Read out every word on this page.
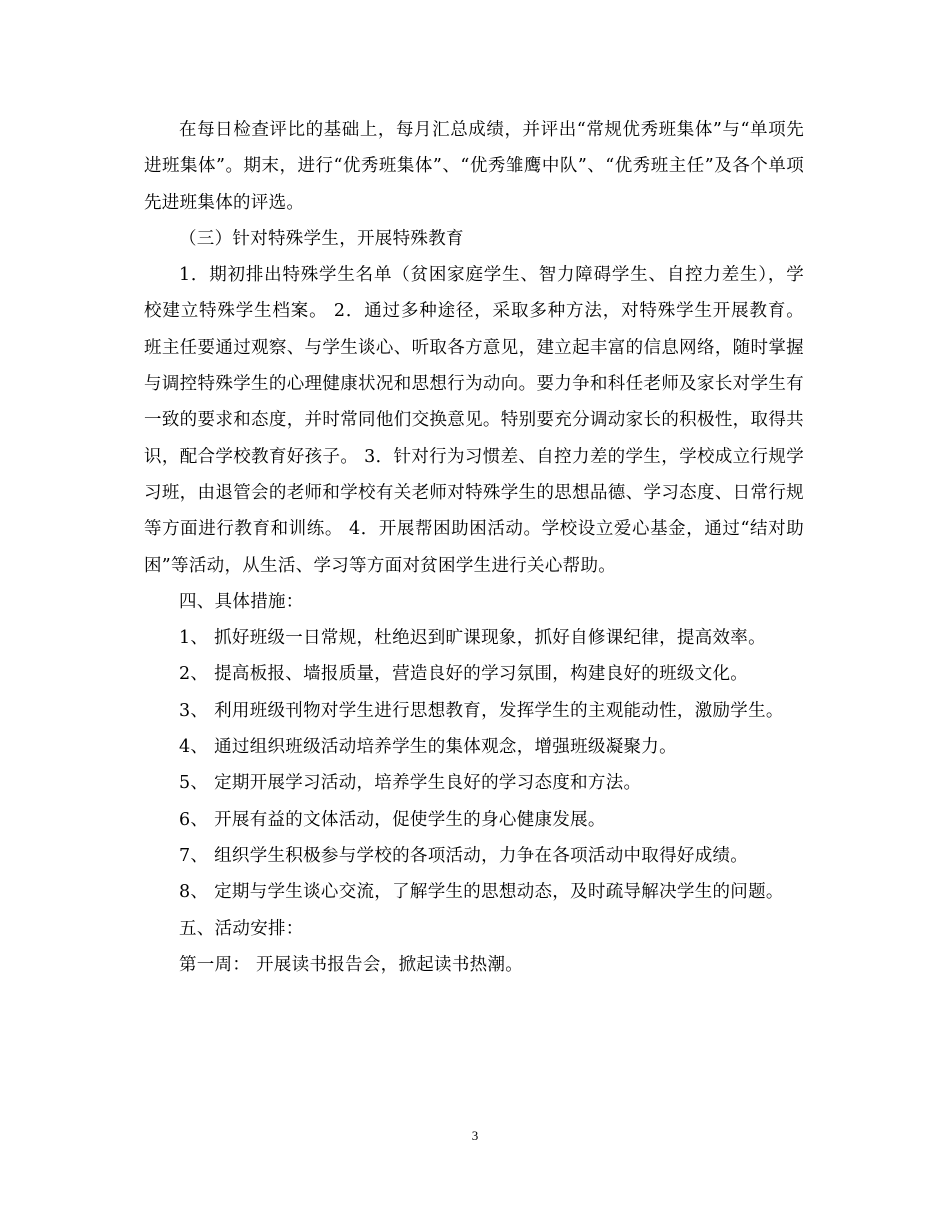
在每日检查评比的基础上，每月汇总成绩，并评出“常规优秀班集体”与“单项先进班集体”。期末，进行“优秀班集体”、“优秀雏鹰中队”、“优秀班主任”及各个单项先进班集体的评选。

（三）针对特殊学生，开展特殊教育

1．期初排出特殊学生名单（贫困家庭学生、智力障碍学生、自控力差生），学校建立特殊学生档案。 2．通过多种途径，采取多种方法，对特殊学生开展教育。 班主任要通过观察、与学生谈心、听取各方意见，建立起丰富的信息网络，随时掌握与调控特殊学生的心理健康状况和思想行为动向。要力争和科任老师及家长对学生有一致的要求和态度，并时常同他们交换意见。特别要充分调动家长的积极性，取得共识，配合学校教育好孩子。 3．针对行为习惯差、自控力差的学生，学校成立行规学习班，由退管会的老师和学校有关老师对特殊学生的思想品德、学习态度、日常行规等方面进行教育和训练。 4．开展帮困助困活动。学校设立爱心基金，通过“结对助困”等活动，从生活、学习等方面对贫困学生进行关心帮助。

四、具体措施：

1、 抓好班级一日常规，杜绝迟到旷课现象，抓好自修课纪律，提高效率。

2、 提高板报、墙报质量，营造良好的学习氛围，构建良好的班级文化。

3、 利用班级刊物对学生进行思想教育，发挥学生的主观能动性，激励学生。

4、 通过组织班级活动培养学生的集体观念，增强班级凝聚力。

5、 定期开展学习活动，培养学生良好的学习态度和方法。

6、 开展有益的文体活动，促使学生的身心健康发展。

7、 组织学生积极参与学校的各项活动，力争在各项活动中取得好成绩。

8、 定期与学生谈心交流，了解学生的思想动态，及时疏导解决学生的问题。

五、活动安排：

第一周： 开展读书报告会，掀起读书热潮。

3
